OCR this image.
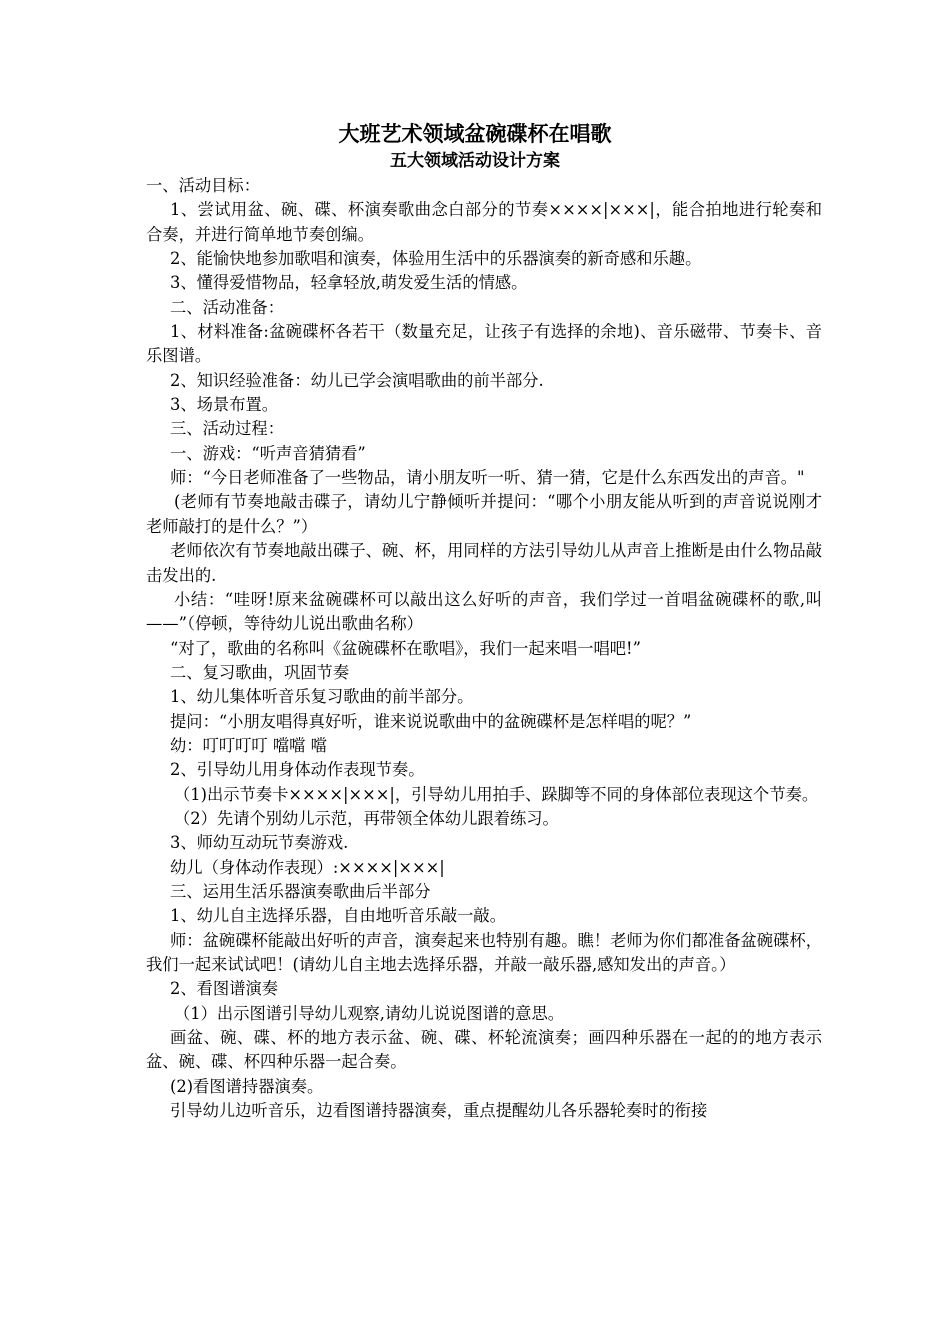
大班艺术领域盆碗碟杯在唱歌
五大领域活动设计方案

一、活动目标：

1、尝试用盆、碗、碟、杯演奏歌曲念白部分的节奏××××|×××|，能合拍地进行轮奏和合奏，并进行简单地节奏创编。

2、能愉快地参加歌唱和演奏，体验用生活中的乐器演奏的新奇感和乐趣。

3、懂得爱惜物品，轻拿轻放,萌发爱生活的情感。

二、活动准备：

1、材料准备:盆碗碟杯各若干（数量充足，让孩子有选择的余地)、音乐磁带、节奏卡、音乐图谱。

2、知识经验准备：幼儿已学会演唱歌曲的前半部分.

3、场景布置。

三、活动过程：

一、游戏：“听声音猜猜看”

师：“今日老师准备了一些物品，请小朋友听一听、猜一猜，它是什么东西发出的声音。"

(老师有节奏地敲击碟子，请幼儿宁静倾听并提问：“哪个小朋友能从听到的声音说说刚才老师敲打的是什么？”）

老师依次有节奏地敲出碟子、碗、杯，用同样的方法引导幼儿从声音上推断是由什么物品敲击发出的.

小结：“哇呀!原来盆碗碟杯可以敲出这么好听的声音，我们学过一首唱盆碗碟杯的歌,叫——”（停顿，等待幼儿说出歌曲名称）

“对了，歌曲的名称叫《盆碗碟杯在歌唱》，我们一起来唱一唱吧!”

二、复习歌曲，巩固节奏

1、幼儿集体听音乐复习歌曲的前半部分。

提问：“小朋友唱得真好听，谁来说说歌曲中的盆碗碟杯是怎样唱的呢？”

幼：叮叮叮叮 噹噹 噹

2、引导幼儿用身体动作表现节奏。

（1)出示节奏卡××××|×××|，引导幼儿用拍手、跺脚等不同的身体部位表现这个节奏。

（2）先请个别幼儿示范，再带领全体幼儿跟着练习。

3、师幼互动玩节奏游戏.

幼儿（身体动作表现）:××××|×××|

三、运用生活乐器演奏歌曲后半部分

1、幼儿自主选择乐器，自由地听音乐敲一敲。

师：盆碗碟杯能敲出好听的声音，演奏起来也特别有趣。瞧！老师为你们都准备盆碗碟杯，我们一起来试试吧！(请幼儿自主地去选择乐器，并敲一敲乐器,感知发出的声音。）

2、看图谱演奏

（1）出示图谱引导幼儿观察,请幼儿说说图谱的意思。

画盆、碗、碟、杯的地方表示盆、碗、碟、杯轮流演奏；画四种乐器在一起的的地方表示盆、碗、碟、杯四种乐器一起合奏。

(2)看图谱持器演奏。

引导幼儿边听音乐，边看图谱持器演奏，重点提醒幼儿各乐器轮奏时的衔接
